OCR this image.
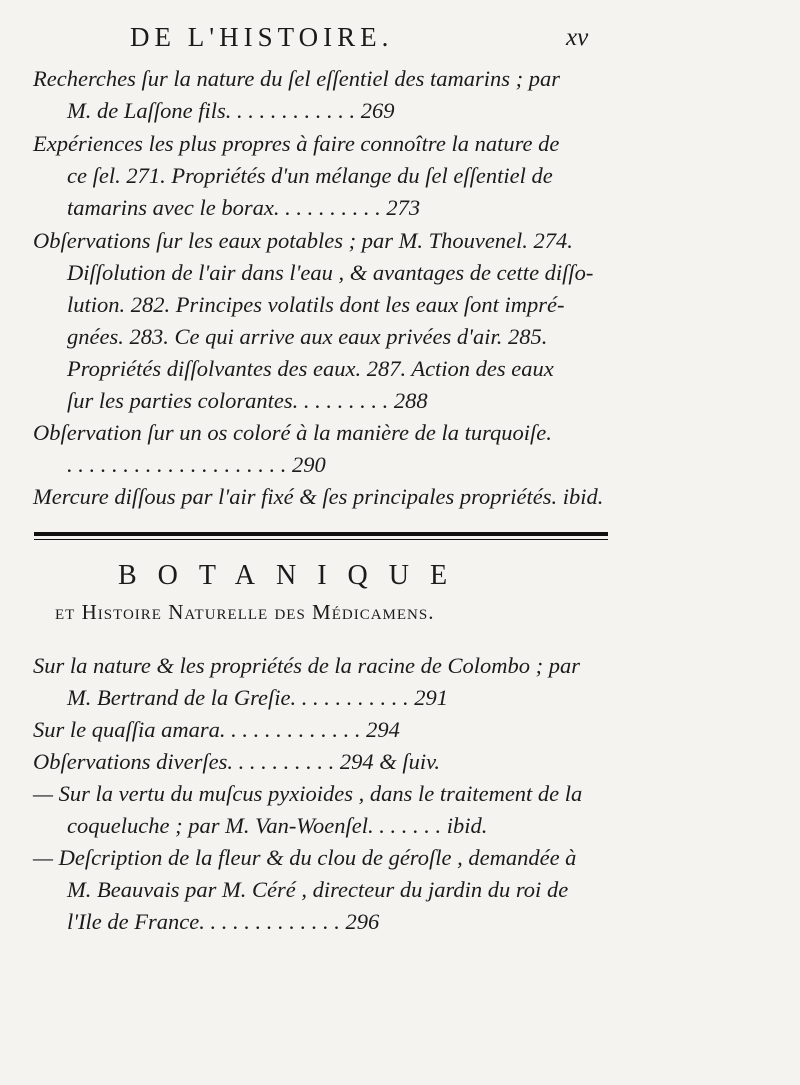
DE L'HISTOIRE.	xv
Recherches ſur la nature du ſel eſſentiel des tamarins ; par
M. de Laſſone fils. . . . . . . . . . . . 269
Expériences les plus propres à faire connoître la nature de
ce ſel. 271. Propriétés d'un mélange du ſel eſſentiel de
tamarins avec le borax. . . . . . . . . . 273
Obſervations ſur les eaux potables ; par M. Thouvenel. 274.
Diſſolution de l'air dans l'eau , & avantages de cette diſſo-
lution. 282. Principes volatils dont les eaux ſont impré-
gnées. 283. Ce qui arrive aux eaux privées d'air. 285.
Propriétés diſſolvantes des eaux. 287. Action des eaux
ſur les parties colorantes. . . . . . . . . 288
Obſervation ſur un os coloré à la manière de la turquoiſe.
. . . . . . . . . . . . . . . . . . . . 290
Mercure diſſous par l'air fixé & ſes principales propriétés. ibid.
BOTANIQUE
et Histoire Naturelle des Médicamens.
Sur la nature & les propriétés de la racine de Colombo ; par
M. Bertrand de la Greſie. . . . . . . . . . . 291
Sur le quaſſia amara. . . . . . . . . . . . . 294
Obſervations diverſes. . . . . . . . . . 294 & ſuiv.
— Sur la vertu du muſcus pyxioides , dans le traitement de la
coqueluche ; par M. Van-Woenſel. . . . . . . ibid.
— Deſcription de la fleur & du clou de géroſle , demandée à
M. Beauvais par M. Céré , directeur du jardin du roi de
l'Ile de France. . . . . . . . . . . . . 296
